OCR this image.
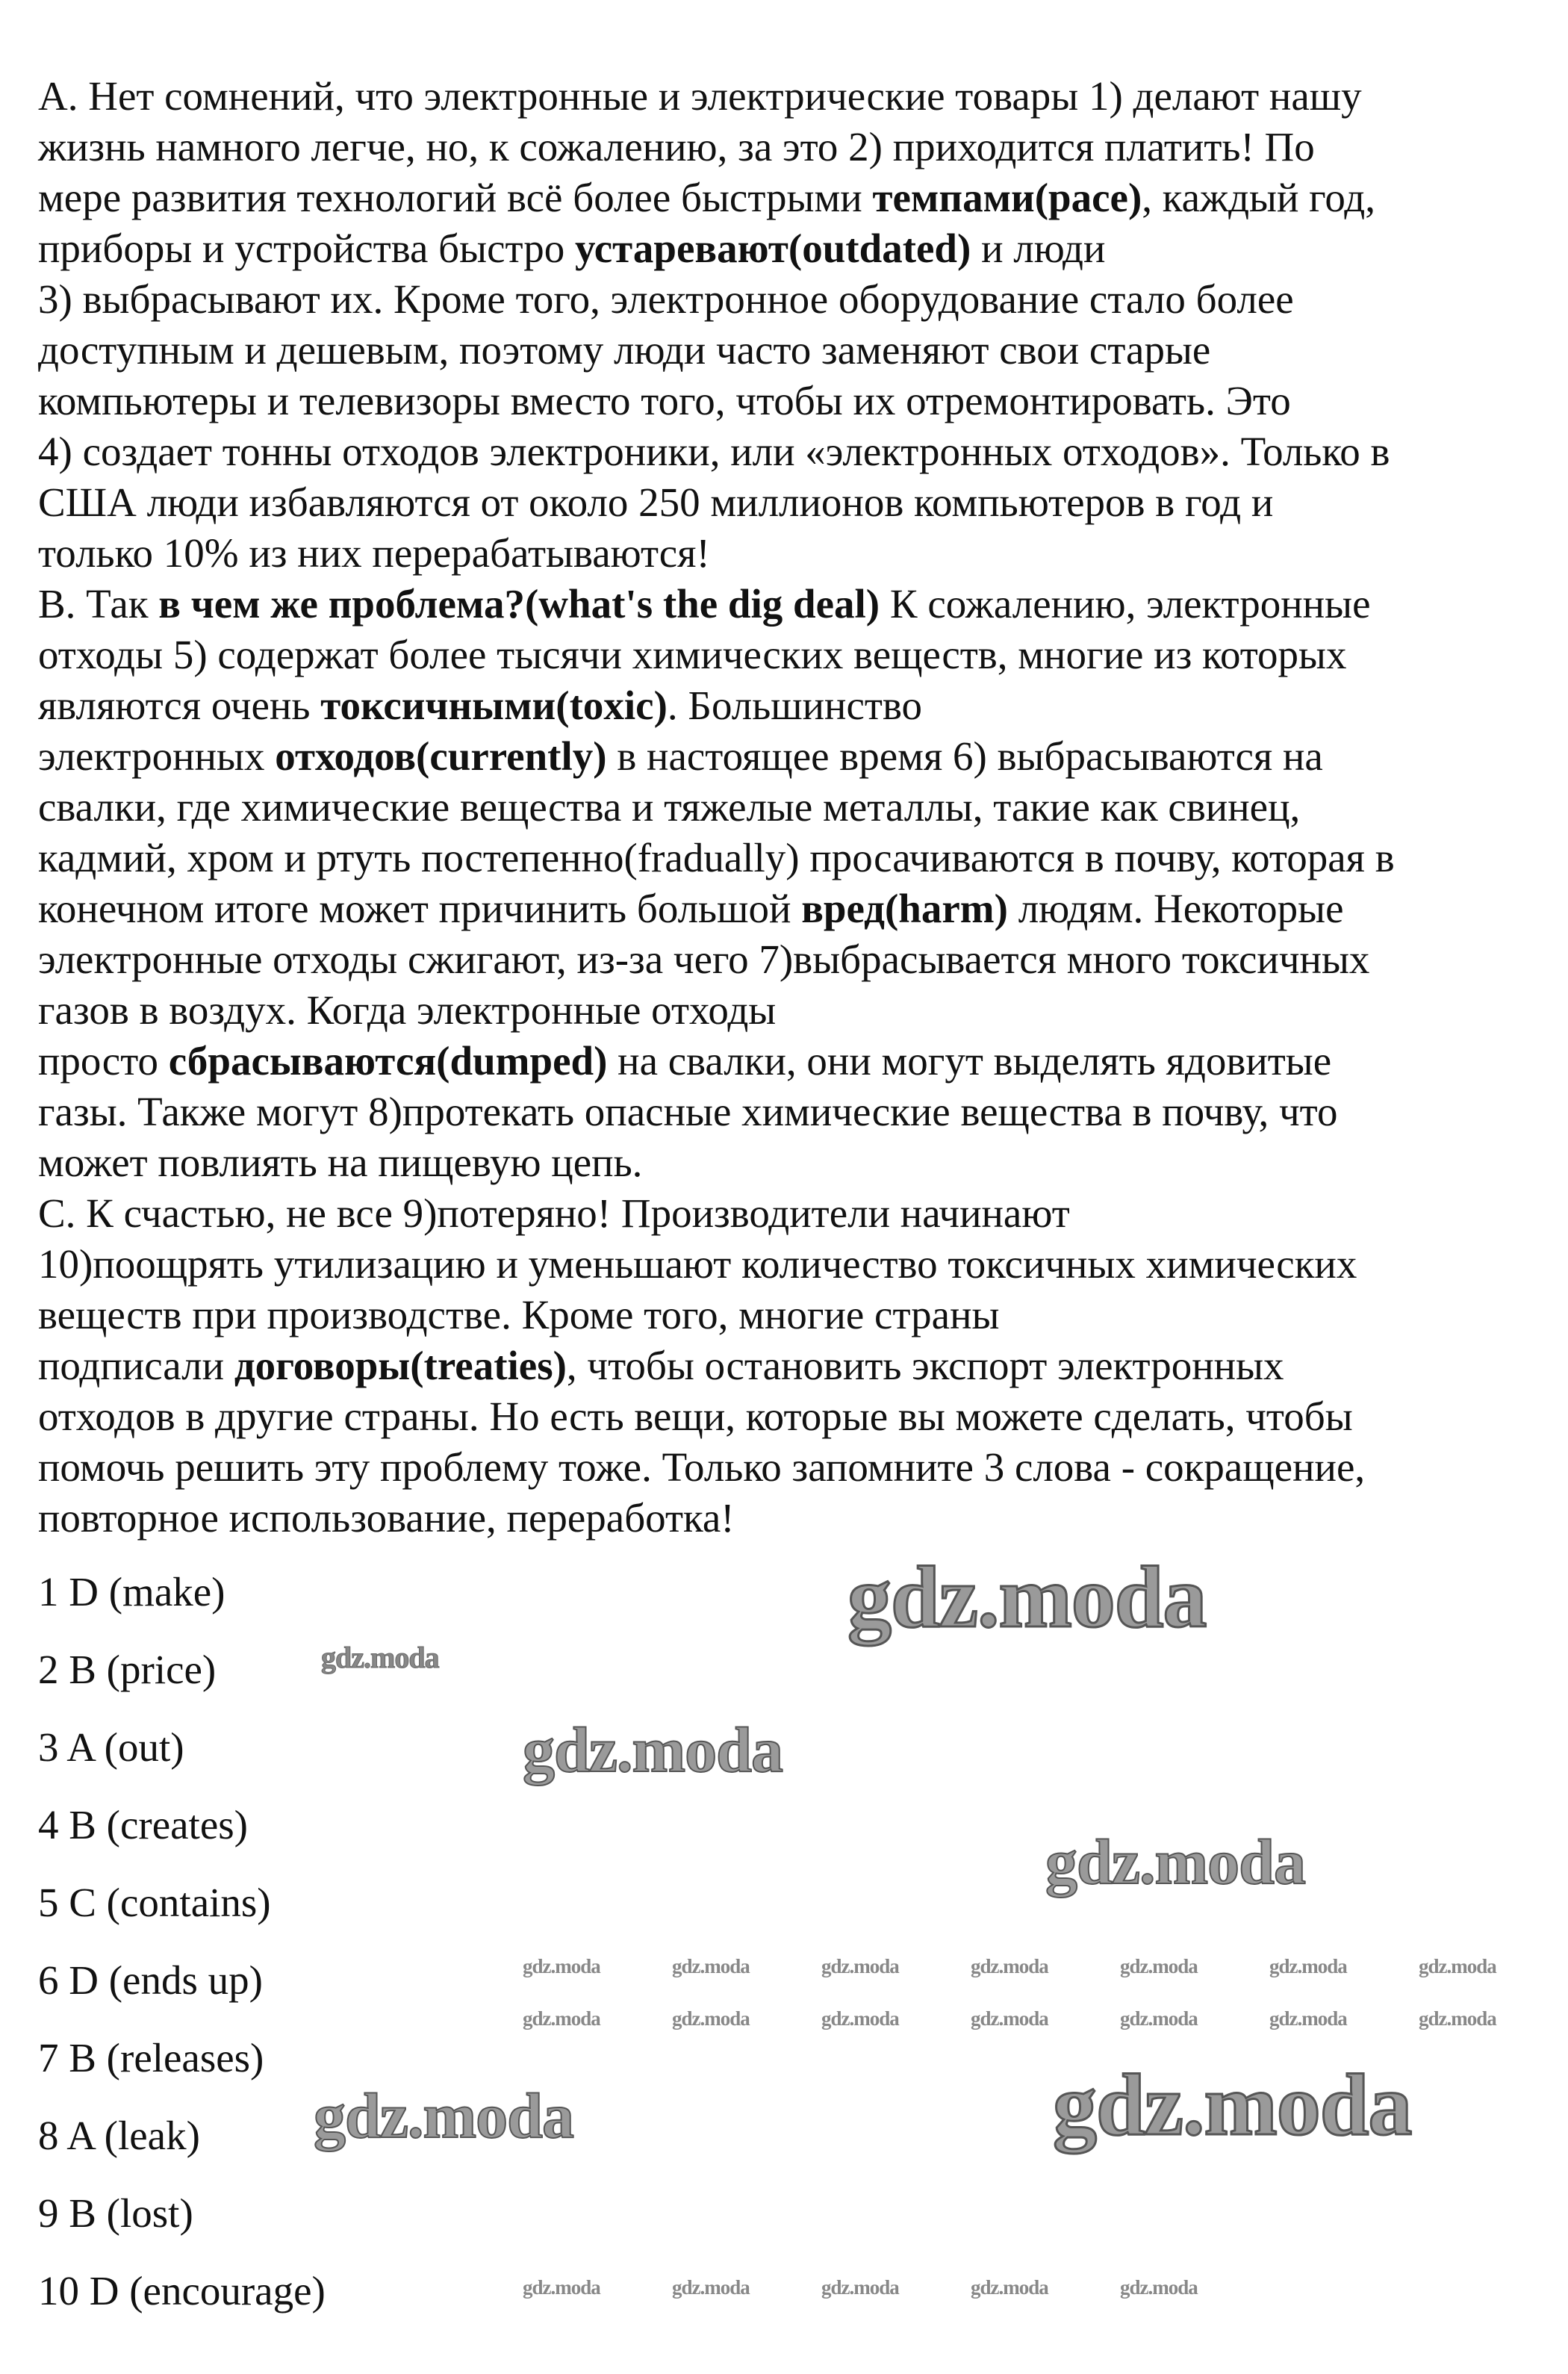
А. Нет сомнений, что электронные и электрические товары 1) делают нашу
жизнь намного легче, но, к сожалению, за это 2) приходится платить! По
мере развития технологий всё более быстрыми темпами(pace), каждый год,
приборы и устройства быстро устаревают(outdated) и люди
3) выбрасывают их. Кроме того, электронное оборудование стало более
доступным и дешевым, поэтому люди часто заменяют свои старые
компьютеры и телевизоры вместо того, чтобы их отремонтировать. Это
4) создает тонны отходов электроники, или «электронных отходов». Только в
США люди избавляются от около 250 миллионов компьютеров в год и
только 10% из них перерабатываются!
B. Так в чем же проблема?(what's the dig deal) К сожалению, электронные
отходы 5) содержат более тысячи химических веществ, многие из которых
являются очень токсичными(toxic). Большинство
электронных отходов(currently) в настоящее время 6) выбрасываются на
свалки, где химические вещества и тяжелые металлы, такие как свинец,
кадмий, хром и ртуть постепенно(fradually) просачиваются в почву, которая в
конечном итоге может причинить большой вред(harm) людям. Некоторые
электронные отходы сжигают, из-за чего 7)выбрасывается много токсичных
газов в воздух. Когда электронные отходы
просто сбрасываются(dumped) на свалки, они могут выделять ядовитые
газы. Также могут 8)протекать опасные химические вещества в почву, что
может повлиять на пищевую цепь.
C. К счастью, не все 9)потеряно! Производители начинают
10)поощрять утилизацию и уменьшают количество токсичных химических
веществ при производстве. Кроме того, многие страны
подписали договоры(treaties), чтобы остановить экспорт электронных
отходов в другие страны. Но есть вещи, которые вы можете сделать, чтобы
помочь решить эту проблему тоже. Только запомните 3 слова - сокращение,
повторное использование, переработка!
1 D (make)
2 B (price)
3 A (out)
4 B (creates)
5 C (contains)
6 D (ends up)
7 B (releases)
8 A (leak)
9 B (lost)
10 D (encourage)
gdz.moda
gdz.moda
gdz.moda
gdz.moda
gdz.moda
gdz.moda
gdz.moda	gdz.moda	gdz.moda	gdz.moda	gdz.moda	gdz.moda	gdz.moda
gdz.moda	gdz.moda	gdz.moda	gdz.moda	gdz.moda	gdz.moda	gdz.moda
gdz.moda	gdz.moda	gdz.moda	gdz.moda	gdz.moda
